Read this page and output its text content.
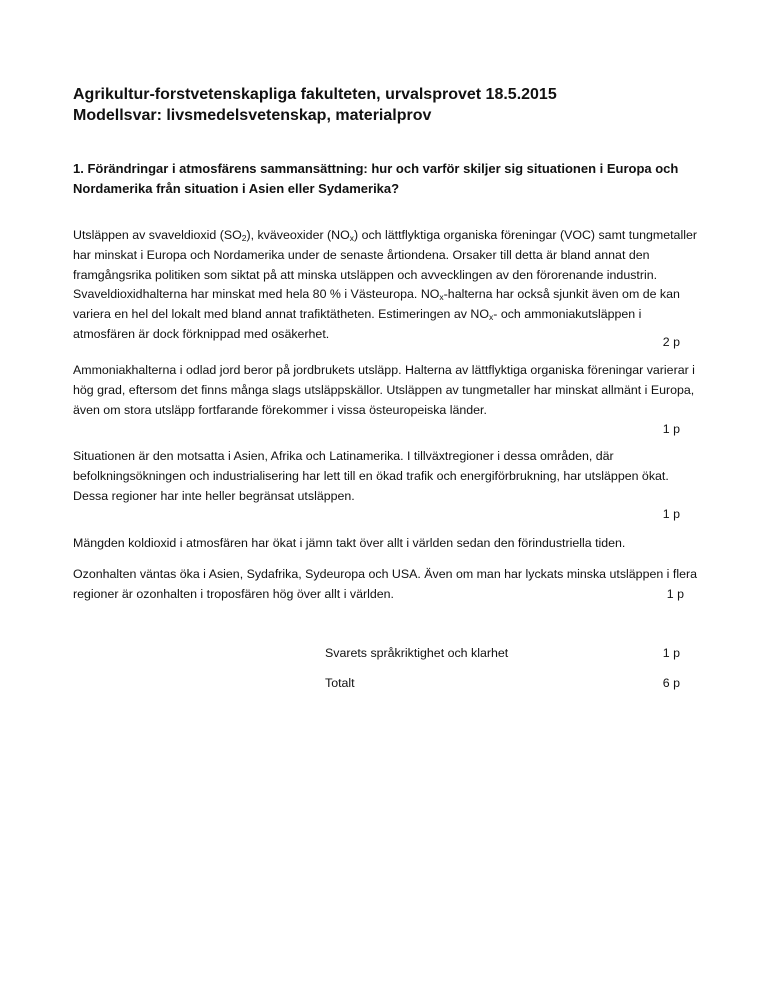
Agrikultur-forstvetenskapliga fakulteten, urvalsprovet 18.5.2015
Modellsvar: livsmedelsvetenskap, materialprov
1. Förändringar i atmosfärens sammansättning: hur och varför skiljer sig situationen i Europa och Nordamerika från situation i Asien eller Sydamerika?
Utsläppen av svaveldioxid $(SO_2)$, kväveoxider $(NO_x)$ och lättflyktiga organiska föreningar (VOC) samt tungmetaller har minskat i Europa och Nordamerika under de senaste årtiondena. Orsaker till detta är bland annat den framgångsrika politiken som siktat på att minska utsläppen och avvecklingen av den förorenande industrin. Svaveldioxidhalterna har minskat med hela 80 % i Västeuropa. $NO_x$-halterna har också sjunkit även om de kan variera en hel del lokalt med bland annat trafiktätheten. Estimeringen av $NO_x-$ och ammoniakutsläppen i atmosfären är dock förknippad med osäkerhet.
2 p
Ammoniakhalterna i odlad jord beror på jordbrukets utsläpp. Halterna av lättflyktiga organiska föreningar varierar i hög grad, eftersom det finns många slags utsläppskällor. Utsläppen av tungmetaller har minskat allmänt i Europa, även om stora utsläpp fortfarande förekommer i vissa östeuropeiska länder.
1 p
Situationen är den motsatta i Asien, Afrika och Latinamerika. I tillväxtregioner i dessa områden, där befolkningsökningen och industrialisering har lett till en ökad trafik och energiförbrukning, har utsläppen ökat. Dessa regioner har inte heller begränsat utsläppen.
1 p
Mängden koldioxid i atmosfären har ökat i jämn takt över allt i världen sedan den förindustriella tiden.
Ozonhalten väntas öka i Asien, Sydafrika, Sydeuropa och USA. Även om man har lyckats minska utsläppen i flera regioner är ozonhalten i troposfären hög över allt i världen.	1 p
Svarets språkriktighet och klarhet	1 p
Totalt	6 p
